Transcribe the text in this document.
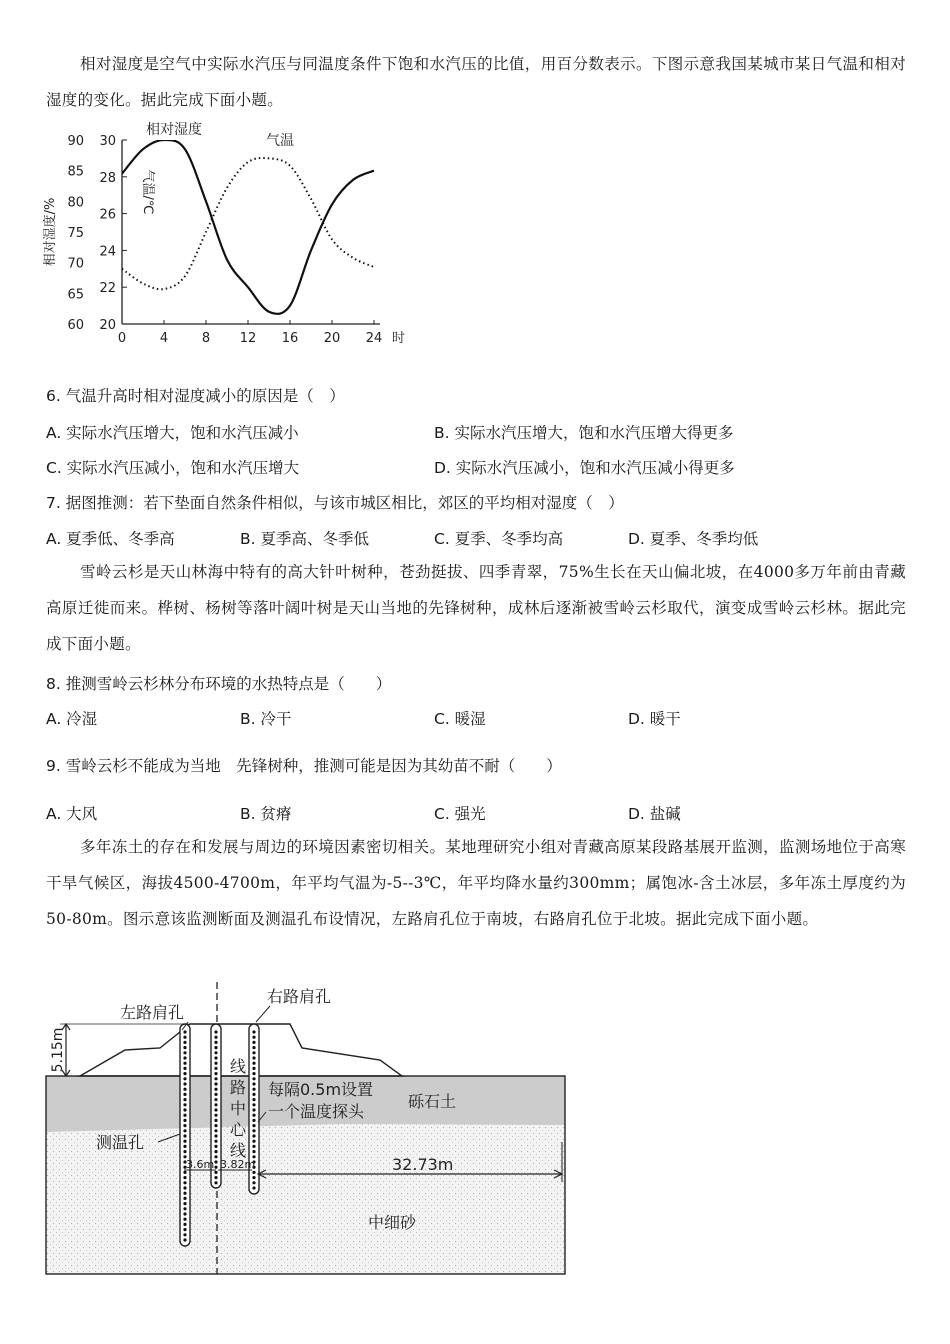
相对湿度是空气中实际水汽压与同温度条件下饱和水汽压的比值，用百分数表示。下图示意我国某城市某日气温和相对湿度的变化。据此完成下面小题。
相对湿度/%
气温/℃
相对湿度
气温
时
90
85
80
75
70
65
60
30
28
26
24
22
20
0	4	8 12 16 20 24
6. 气温升高时相对湿度减小的原因是（　）
A. 实际水汽压增大，饱和水汽压减小	B. 实际水汽压增大，饱和水汽压增大得更多
C. 实际水汽压减小，饱和水汽压增大	D. 实际水汽压减小，饱和水汽压减小得更多
7. 据图推测：若下垫面自然条件相似，与该市城区相比，郊区的平均相对湿度（　）
A. 夏季低、冬季高	B. 夏季高、冬季低	C. 夏季、冬季均高	D. 夏季、冬季均低
雪岭云杉是天山林海中特有的高大针叶树种，苍劲挺拔、四季青翠，75%生长在天山偏北坡，在4000多万年前由青藏高原迁徙而来。桦树、杨树等落叶阔叶树是天山当地的先锋树种，成林后逐渐被雪岭云杉取代，演变成雪岭云杉林。据此完成下面小题。
8. 推测雪岭云杉林分布环境的水热特点是（　　）
A. 冷湿	B. 冷干	C. 暖湿	D. 暖干
9. 雪岭云杉不能成为当地　先锋树种，推测可能是因为其幼苗不耐（　　）
A. 大风	B. 贫瘠	C. 强光	D. 盐碱
多年冻土的存在和发展与周边的环境因素密切相关。某地理研究小组对青藏高原某段路基展开监测，监测场地位于高寒干旱气候区，海拔4500-4700m，年平均气温为-5--3℃，年平均降水量约300mm；属饱冰-含土冰层，多年冻土厚度约为50-80m。图示意该监测断面及测温孔布设情况，左路肩孔位于南坡，右路肩孔位于北坡。据此完成下面小题。
5.15m
左路肩孔
右路肩孔
线
路
中
心
线
每隔0.5m设置
一个温度探头
砾石土
测温孔
中细砂
3.6m 3.82m	32.73m
